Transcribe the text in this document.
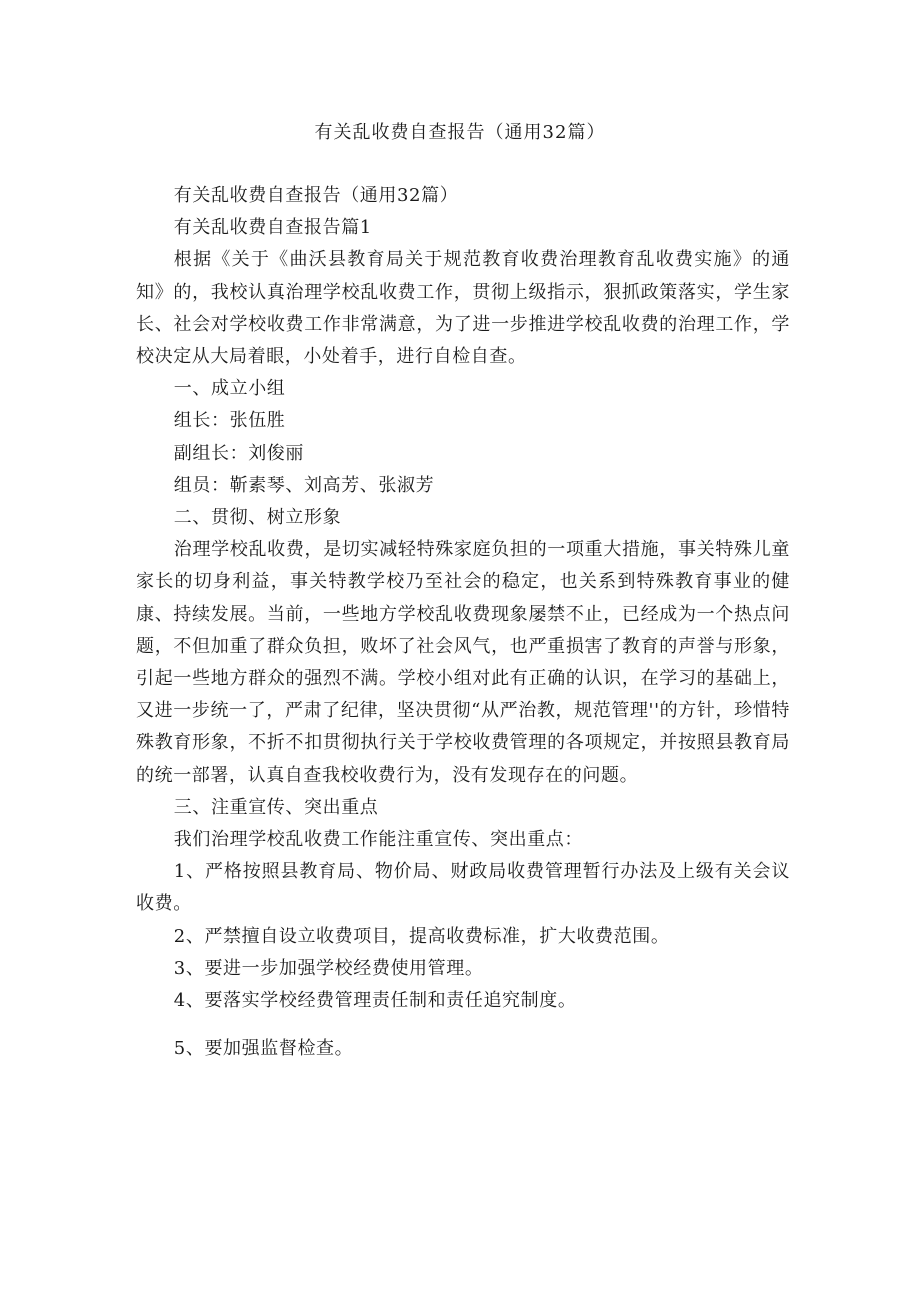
有关乱收费自查报告（通用32篇）

有关乱收费自查报告（通用32篇）

有关乱收费自查报告篇1

根据《关于《曲沃县教育局关于规范教育收费治理教育乱收费实施》的通知》的，我校认真治理学校乱收费工作，贯彻上级指示，狠抓政策落实，学生家长、社会对学校收费工作非常满意，为了进一步推进学校乱收费的治理工作，学校决定从大局着眼，小处着手，进行自检自查。

一、成立小组

组长：张伍胜

副组长：刘俊丽

组员：靳素琴、刘高芳、张淑芳

二、贯彻、树立形象

治理学校乱收费，是切实减轻特殊家庭负担的一项重大措施，事关特殊儿童家长的切身利益，事关特教学校乃至社会的稳定，也关系到特殊教育事业的健康、持续发展。当前，一些地方学校乱收费现象屡禁不止，已经成为一个热点问题，不但加重了群众负担，败坏了社会风气，也严重损害了教育的声誉与形象，引起一些地方群众的强烈不满。学校小组对此有正确的认识，在学习的基础上，又进一步统一了，严肃了纪律，坚决贯彻“从严治教，规范管理''的方针，珍惜特殊教育形象，不折不扣贯彻执行关于学校收费管理的各项规定，并按照县教育局的统一部署，认真自查我校收费行为，没有发现存在的问题。

三、注重宣传、突出重点

我们治理学校乱收费工作能注重宣传、突出重点：

1、严格按照县教育局、物价局、财政局收费管理暂行办法及上级有关会议收费。

2、严禁擅自设立收费项目，提高收费标准，扩大收费范围。

3、要进一步加强学校经费使用管理。

4、要落实学校经费管理责任制和责任追究制度。

5、要加强监督检查。
